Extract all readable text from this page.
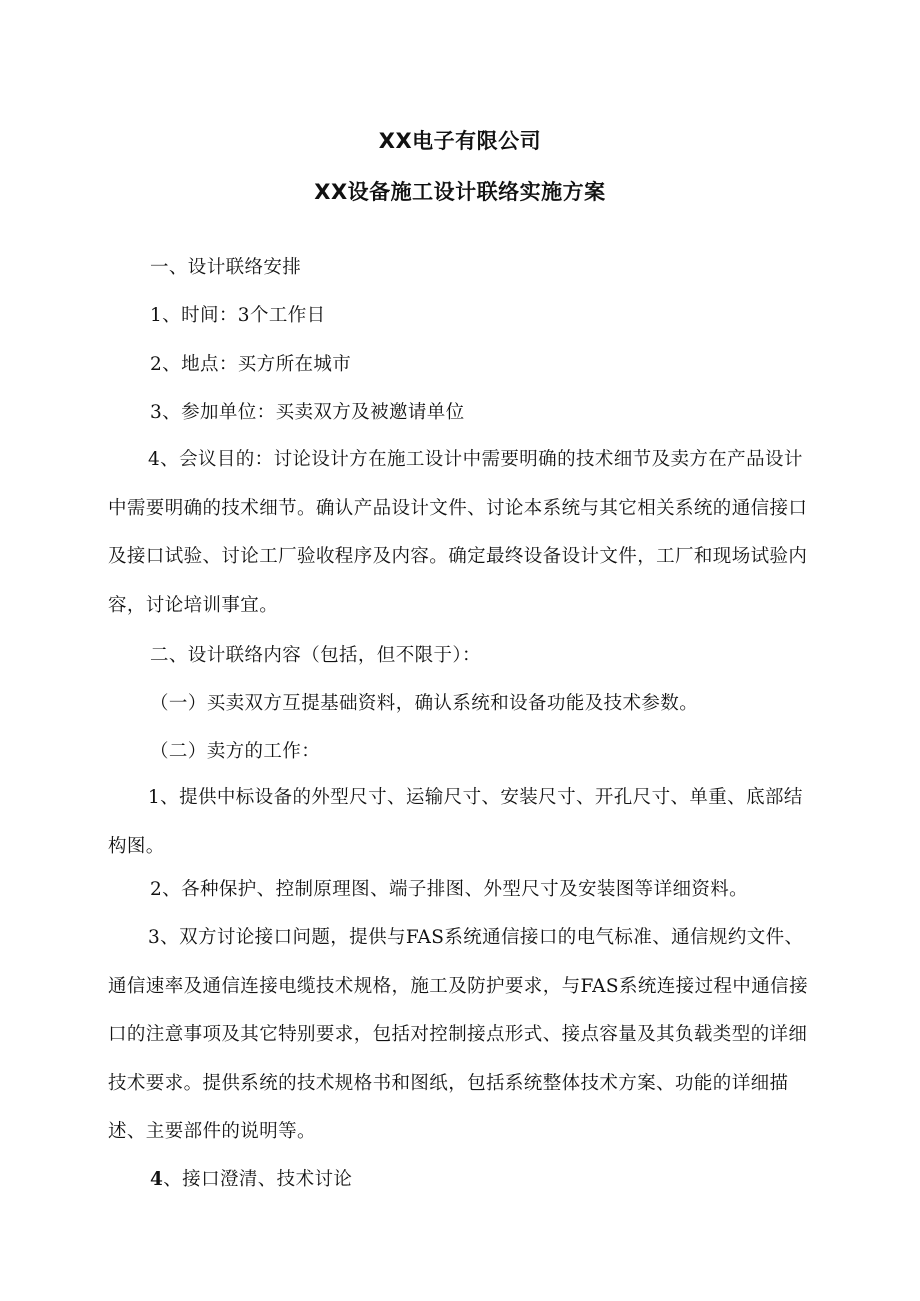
XX电子有限公司
XX设备施工设计联络实施方案
一、设计联络安排
1、时间：3个工作日
2、地点：买方所在城市
3、参加单位：买卖双方及被邀请单位

4、会议目的：讨论设计方在施工设计中需要明确的技术细节及卖方在产品设计中需要明确的技术细节。确认产品设计文件、讨论本系统与其它相关系统的通信接口及接口试验、讨论工厂验收程序及内容。确定最终设备设计文件，工厂和现场试验内容，讨论培训事宜。

二、设计联络内容（包括，但不限于）：
（一）买卖双方互提基础资料，确认系统和设备功能及技术参数。
（二）卖方的工作：

1、提供中标设备的外型尺寸、运输尺寸、安装尺寸、开孔尺寸、单重、底部结构图。

2、各种保护、控制原理图、端子排图、外型尺寸及安装图等详细资料。

3、双方讨论接口问题，提供与FAS系统通信接口的电气标准、通信规约文件、通信速率及通信连接电缆技术规格，施工及防护要求，与FAS系统连接过程中通信接口的注意事项及其它特别要求，包括对控制接点形式、接点容量及其负载类型的详细技术要求。提供系统的技术规格书和图纸，包括系统整体技术方案、功能的详细描述、主要部件的说明等。

4、接口澄清、技术讨论
